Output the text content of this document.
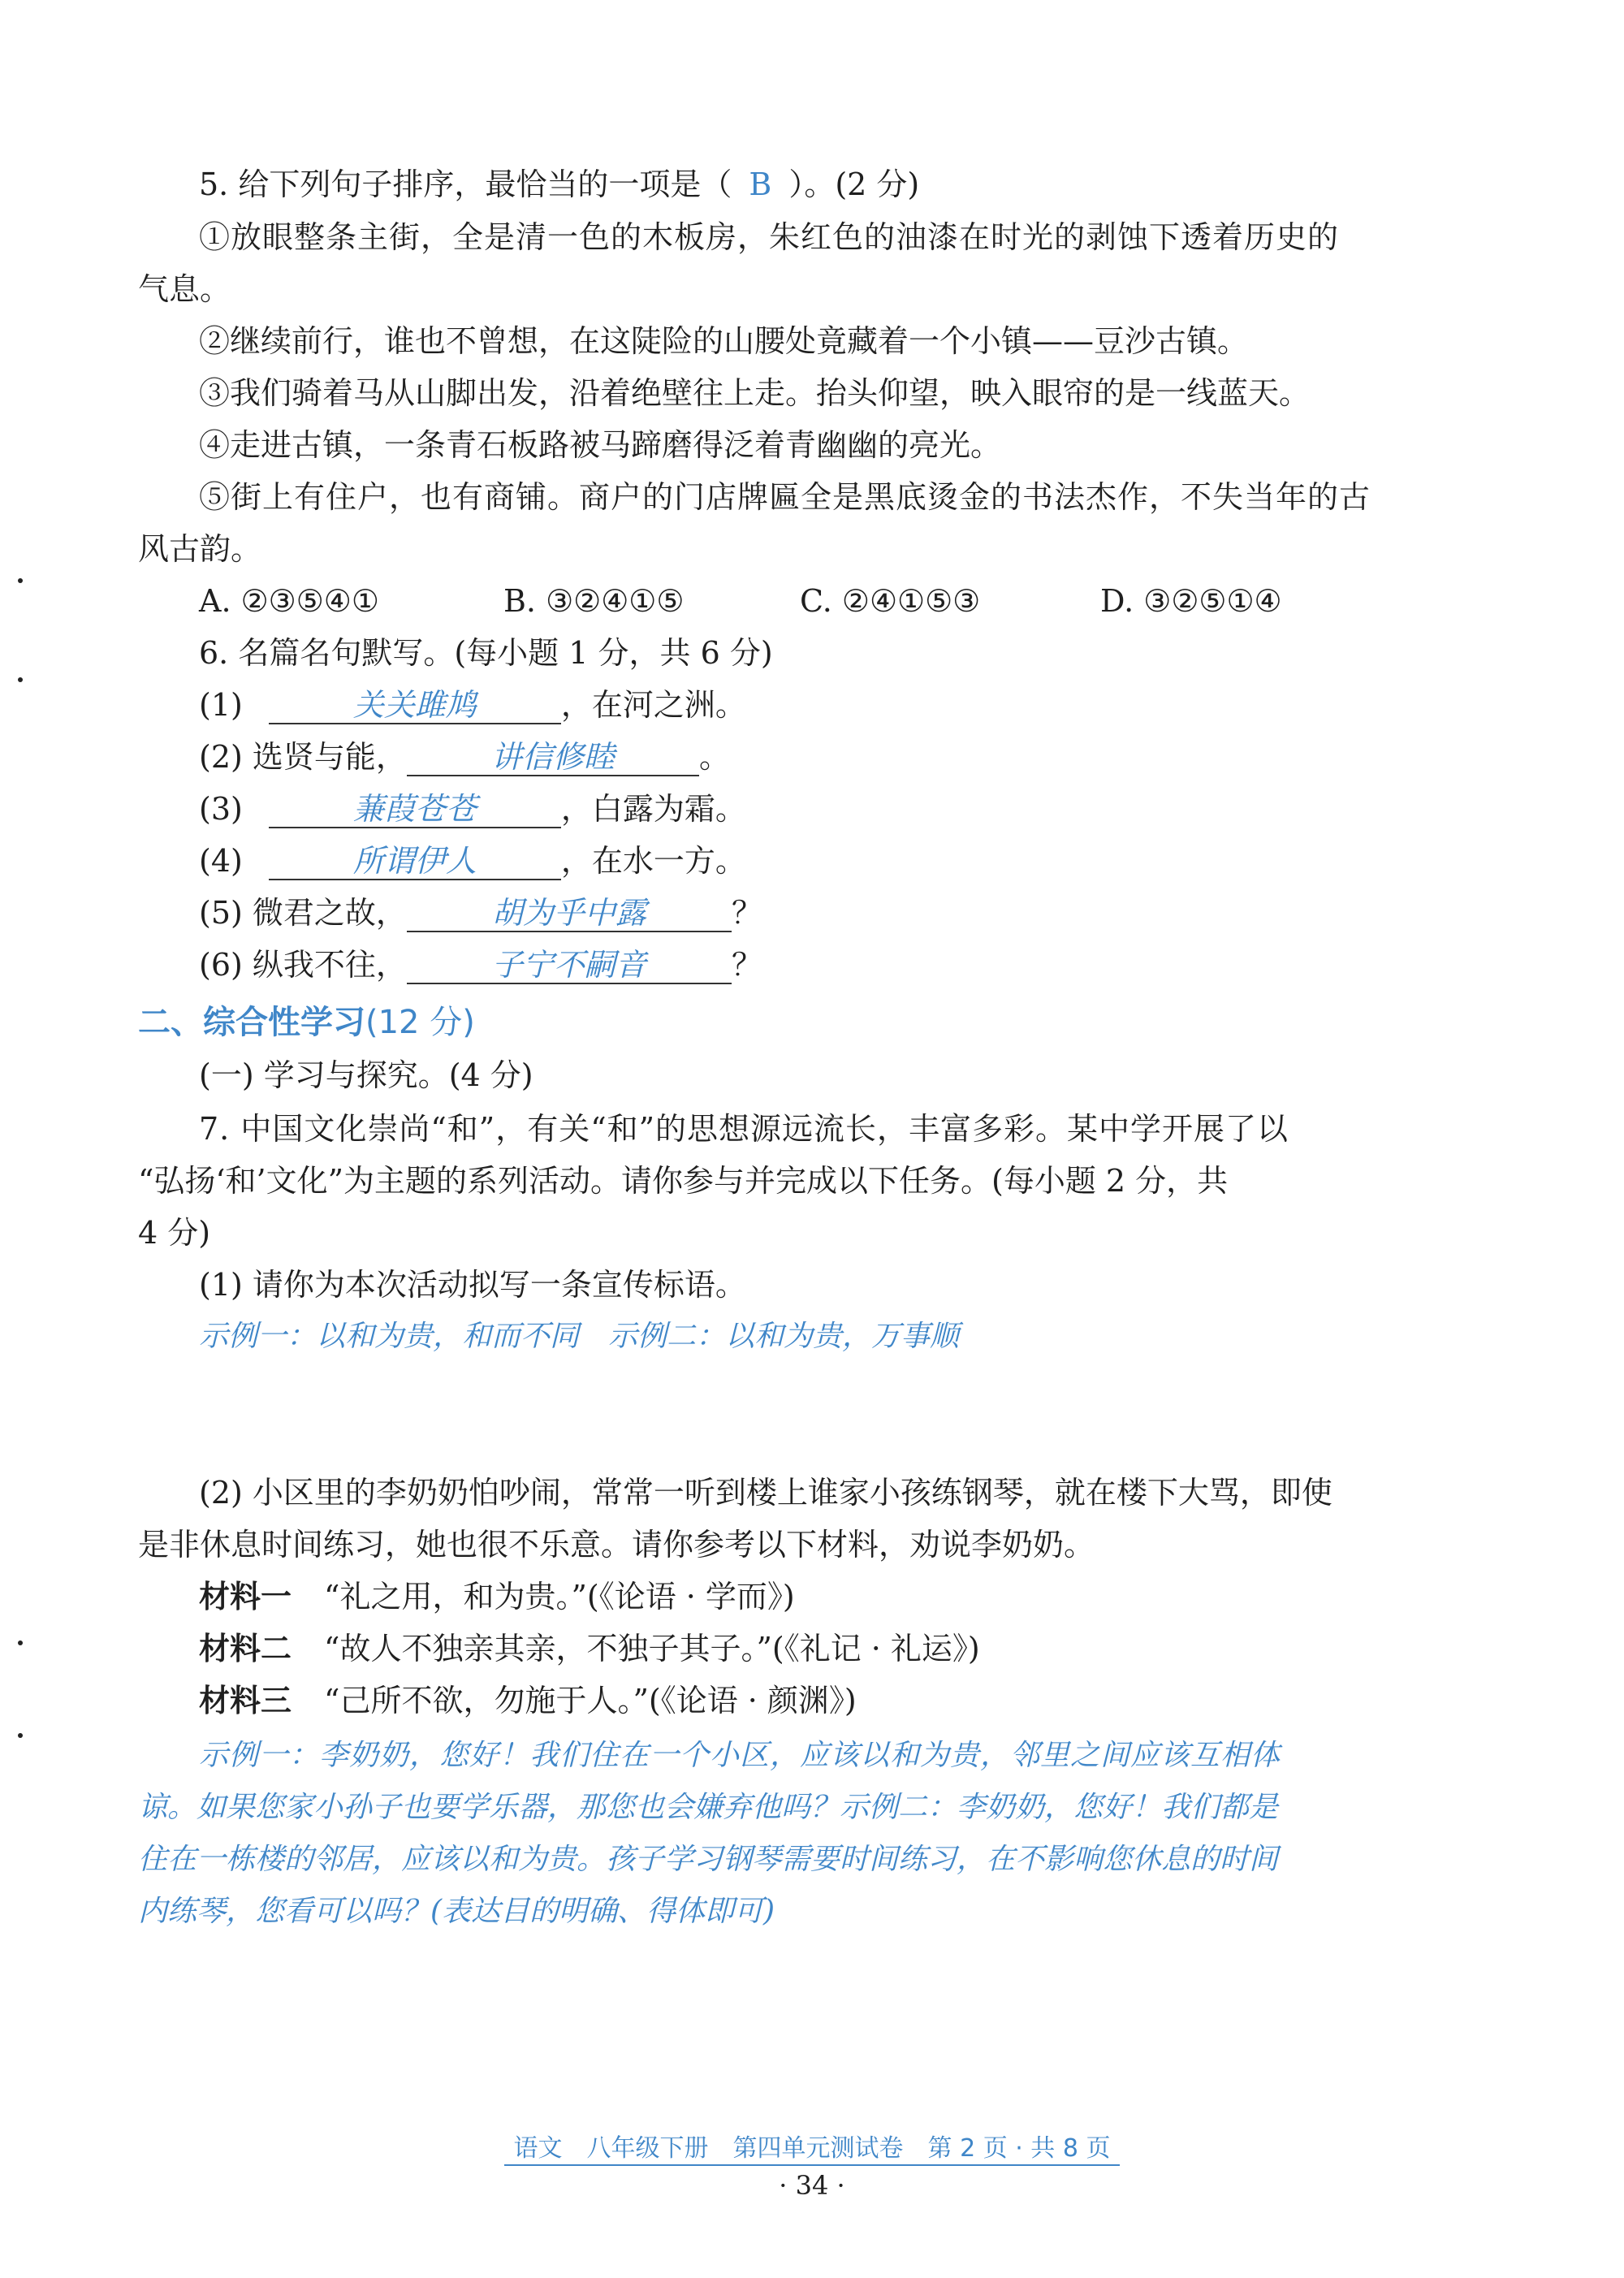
5. 给下列句子排序，最恰当的一项是（ B ）。(2 分)
①放眼整条主街，全是清一色的木板房，朱红色的油漆在时光的剥蚀下透着历史的
气息。
②继续前行，谁也不曾想，在这陡险的山腰处竟藏着一个小镇——豆沙古镇。
③我们骑着马从山脚出发，沿着绝壁往上走。抬头仰望，映入眼帘的是一线蓝天。
④走进古镇，一条青石板路被马蹄磨得泛着青幽幽的亮光。
⑤街上有住户，也有商铺。商户的门店牌匾全是黑底烫金的书法杰作，不失当年的古
风古韵。
A. ②③⑤④①	B. ③②④①⑤	C. ②④①⑤③	D. ③②⑤①④
6. 名篇名句默写。(每小题 1 分，共 6 分)
(1)	关关雎鸠	，在河之洲。
(2) 选贤与能，	讲信修睦	。
(3)	蒹葭苍苍	，白露为霜。
(4)	所谓伊人	，在水一方。
(5) 微君之故，	胡为乎中露	？
(6) 纵我不往，	子宁不嗣音	？
二、综合性学习(12 分)
(一) 学习与探究。(4 分)
7. 中国文化崇尚“和”，有关“和”的思想源远流长，丰富多彩。某中学开展了以
“弘扬‘和’文化”为主题的系列活动。请你参与并完成以下任务。(每小题 2 分，共
4 分)
(1) 请你为本次活动拟写一条宣传标语。
示例一：以和为贵，和而不同　示例二：以和为贵，万事顺
(2) 小区里的李奶奶怕吵闹，常常一听到楼上谁家小孩练钢琴，就在楼下大骂，即使
是非休息时间练习，她也很不乐意。请你参考以下材料，劝说李奶奶。
材料一 “礼之用，和为贵。”(《论语 · 学而》)
材料二 “故人不独亲其亲，不独子其子。”(《礼记 · 礼运》)
材料三 “己所不欲，勿施于人。”(《论语 · 颜渊》)
示例一：李奶奶，您好！我们住在一个小区，应该以和为贵，邻里之间应该互相体
谅。如果您家小孙子也要学乐器，那您也会嫌弃他吗？示例二：李奶奶，您好！我们都是
住在一栋楼的邻居，应该以和为贵。孩子学习钢琴需要时间练习，在不影响您休息的时间
内练琴，您看可以吗？(表达目的明确、得体即可)
语文　八年级下册　第四单元测试卷　第 2 页 · 共 8 页
· 34 ·
